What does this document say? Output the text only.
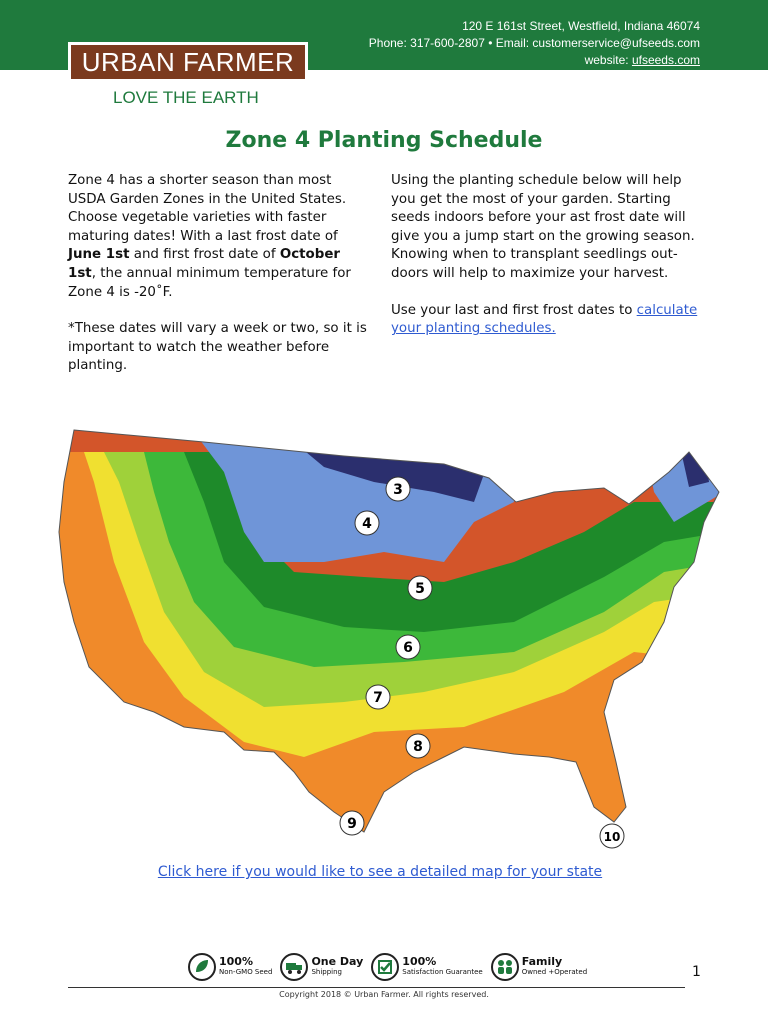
120 E 161st Street, Westfield, Indiana 46074
Phone: 317-600-2807 • Email: customerservice@ufseeds.com
website: ufseeds.com
URBAN FARMER
LOVE THE EARTH
Zone 4 Planting Schedule

Zone 4 has a shorter season than most USDA Garden Zones in the United States. Choose vegetable varieties with faster maturing dates! With a last frost date of June 1st and first frost date of October 1st, the annual minimum temperature for Zone 4 is -20˚F.

*These dates will vary a week or two, so it is important to watch the weather before planting.

Using the planting schedule below will help you get the most of your garden. Starting seeds indoors before your ast frost date will give you a jump start on the growing season. Knowing when to transplant seedlings out-doors will help to maximize your harvest.

Use your last and first frost dates to calculate your planting schedules.

3
4
5
6
7
8
9
10
Click here if you would like to see a detailed map for your state
100%
Non-GMO Seed
One Day
Shipping
100%
Satisfaction Guarantee
Family
Owned +Operated	1
Copyright 2018 © Urban Farmer. All rights reserved.
